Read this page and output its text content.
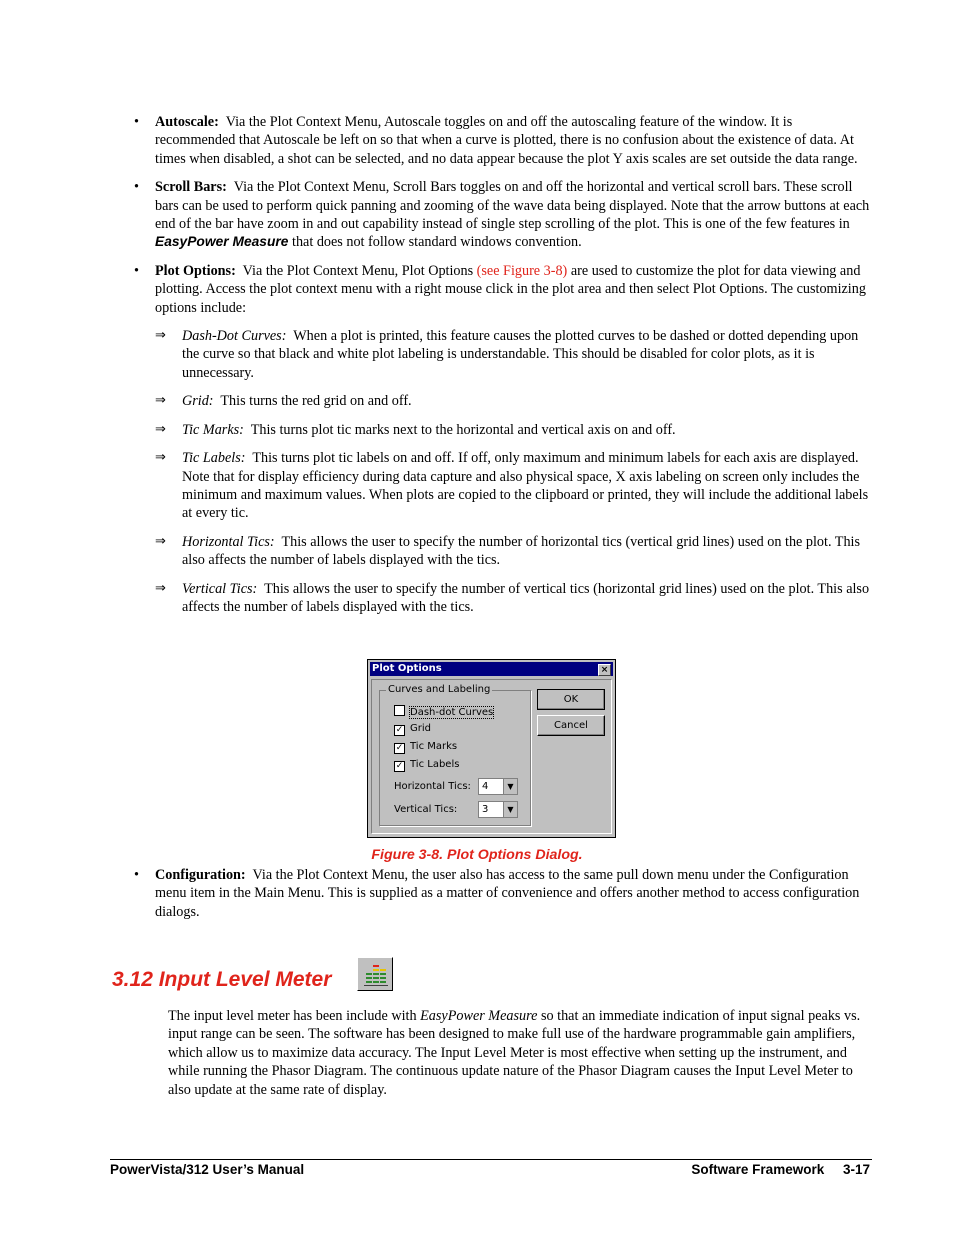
• Autoscale: Via the Plot Context Menu, Autoscale toggles on and off the autoscaling feature of the window. It is recommended that Autoscale be left on so that when a curve is plotted, there is no confusion about the existence of data. At times when disabled, a shot can be selected, and no data appear because the plot Y axis scales are set outside the data range.
• Scroll Bars: Via the Plot Context Menu, Scroll Bars toggles on and off the horizontal and vertical scroll bars. These scroll bars can be used to perform quick panning and zooming of the wave data being displayed. Note that the arrow buttons at each end of the bar have zoom in and out capability instead of single step scrolling of the plot. This is one of the few features in EasyPower Measure that does not follow standard windows convention.
• Plot Options: Via the Plot Context Menu, Plot Options (see Figure 3-8) are used to customize the plot for data viewing and plotting. Access the plot context menu with a right mouse click in the plot area and then select Plot Options. The customizing options include:
⇒ Dash-Dot Curves: When a plot is printed, this feature causes the plotted curves to be dashed or dotted depending upon the curve so that black and white plot labeling is understandable. This should be disabled for color plots, as it is unnecessary.
⇒ Grid: This turns the red grid on and off.
⇒ Tic Marks: This turns plot tic marks next to the horizontal and vertical axis on and off.
⇒ Tic Labels: This turns plot tic labels on and off. If off, only maximum and minimum labels for each axis are displayed. Note that for display efficiency during data capture and also physical space, X axis labeling on screen only includes the minimum and maximum values. When plots are copied to the clipboard or printed, they will include the additional labels at every tic.
⇒ Horizontal Tics: This allows the user to specify the number of horizontal tics (vertical grid lines) used on the plot. This also affects the number of labels displayed with the tics.
⇒ Vertical Tics: This allows the user to specify the number of vertical tics (horizontal grid lines) used on the plot. This also affects the number of labels displayed with the tics.
Plot Options	×
Curves and Labeling
Dash-dot Curves
✓ Grid
✓ Tic Marks
✓ Tic Labels
Horizontal Tics:	4	▼
Vertical Tics:	3	▼
OK
Cancel
Figure 3-8. Plot Options Dialog.
• Configuration: Via the Plot Context Menu, the user also has access to the same pull down menu under the Configuration menu item in the Main Menu. This is supplied as a matter of convenience and offers another method to access configuration dialogs.
3.12 Input Level Meter
The input level meter has been include with EasyPower Measure so that an immediate indication of input signal peaks vs. input range can be seen. The software has been designed to make full use of the hardware programmable gain amplifiers, which allow us to maximize data accuracy. The Input Level Meter is most effective when setting up the instrument, and while running the Phasor Diagram. The continuous update nature of the Phasor Diagram causes the Input Level Meter to also update at the same rate of display.
PowerVista/312 User’s Manual	Software Framework     3-17
